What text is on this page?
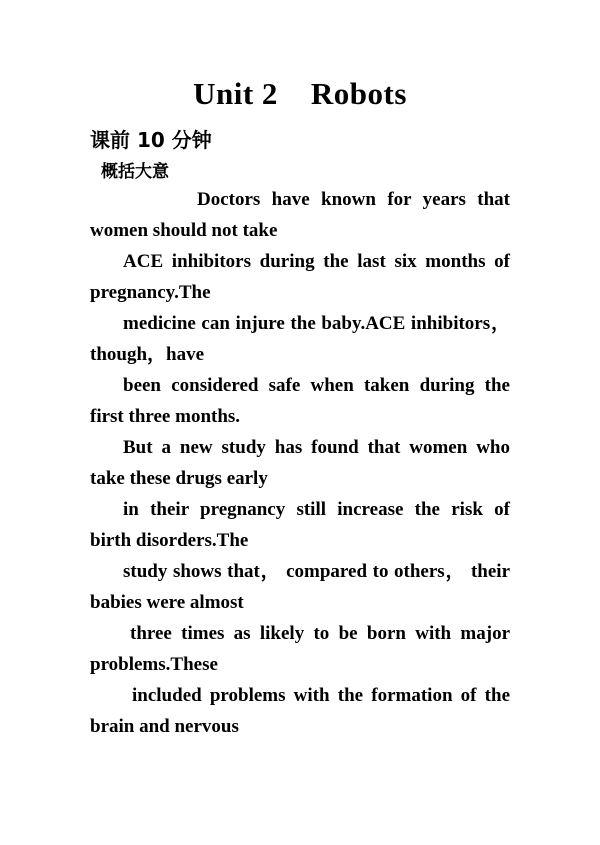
Unit 2    Robots
课前 10 分钟
概括大意

Doctors have known for years that women should not take

ACE inhibitors during the last six months of pregnancy.The

medicine can injure the baby.ACE inhibitors，though，have

been considered safe when taken during the first three months.

But a new study has found that women who take these drugs early

in their pregnancy still increase the risk of birth disorders.The

study shows that， compared to others， their babies were almost

three times as likely to be born with major problems.These

included problems with the formation of the brain and nervous
